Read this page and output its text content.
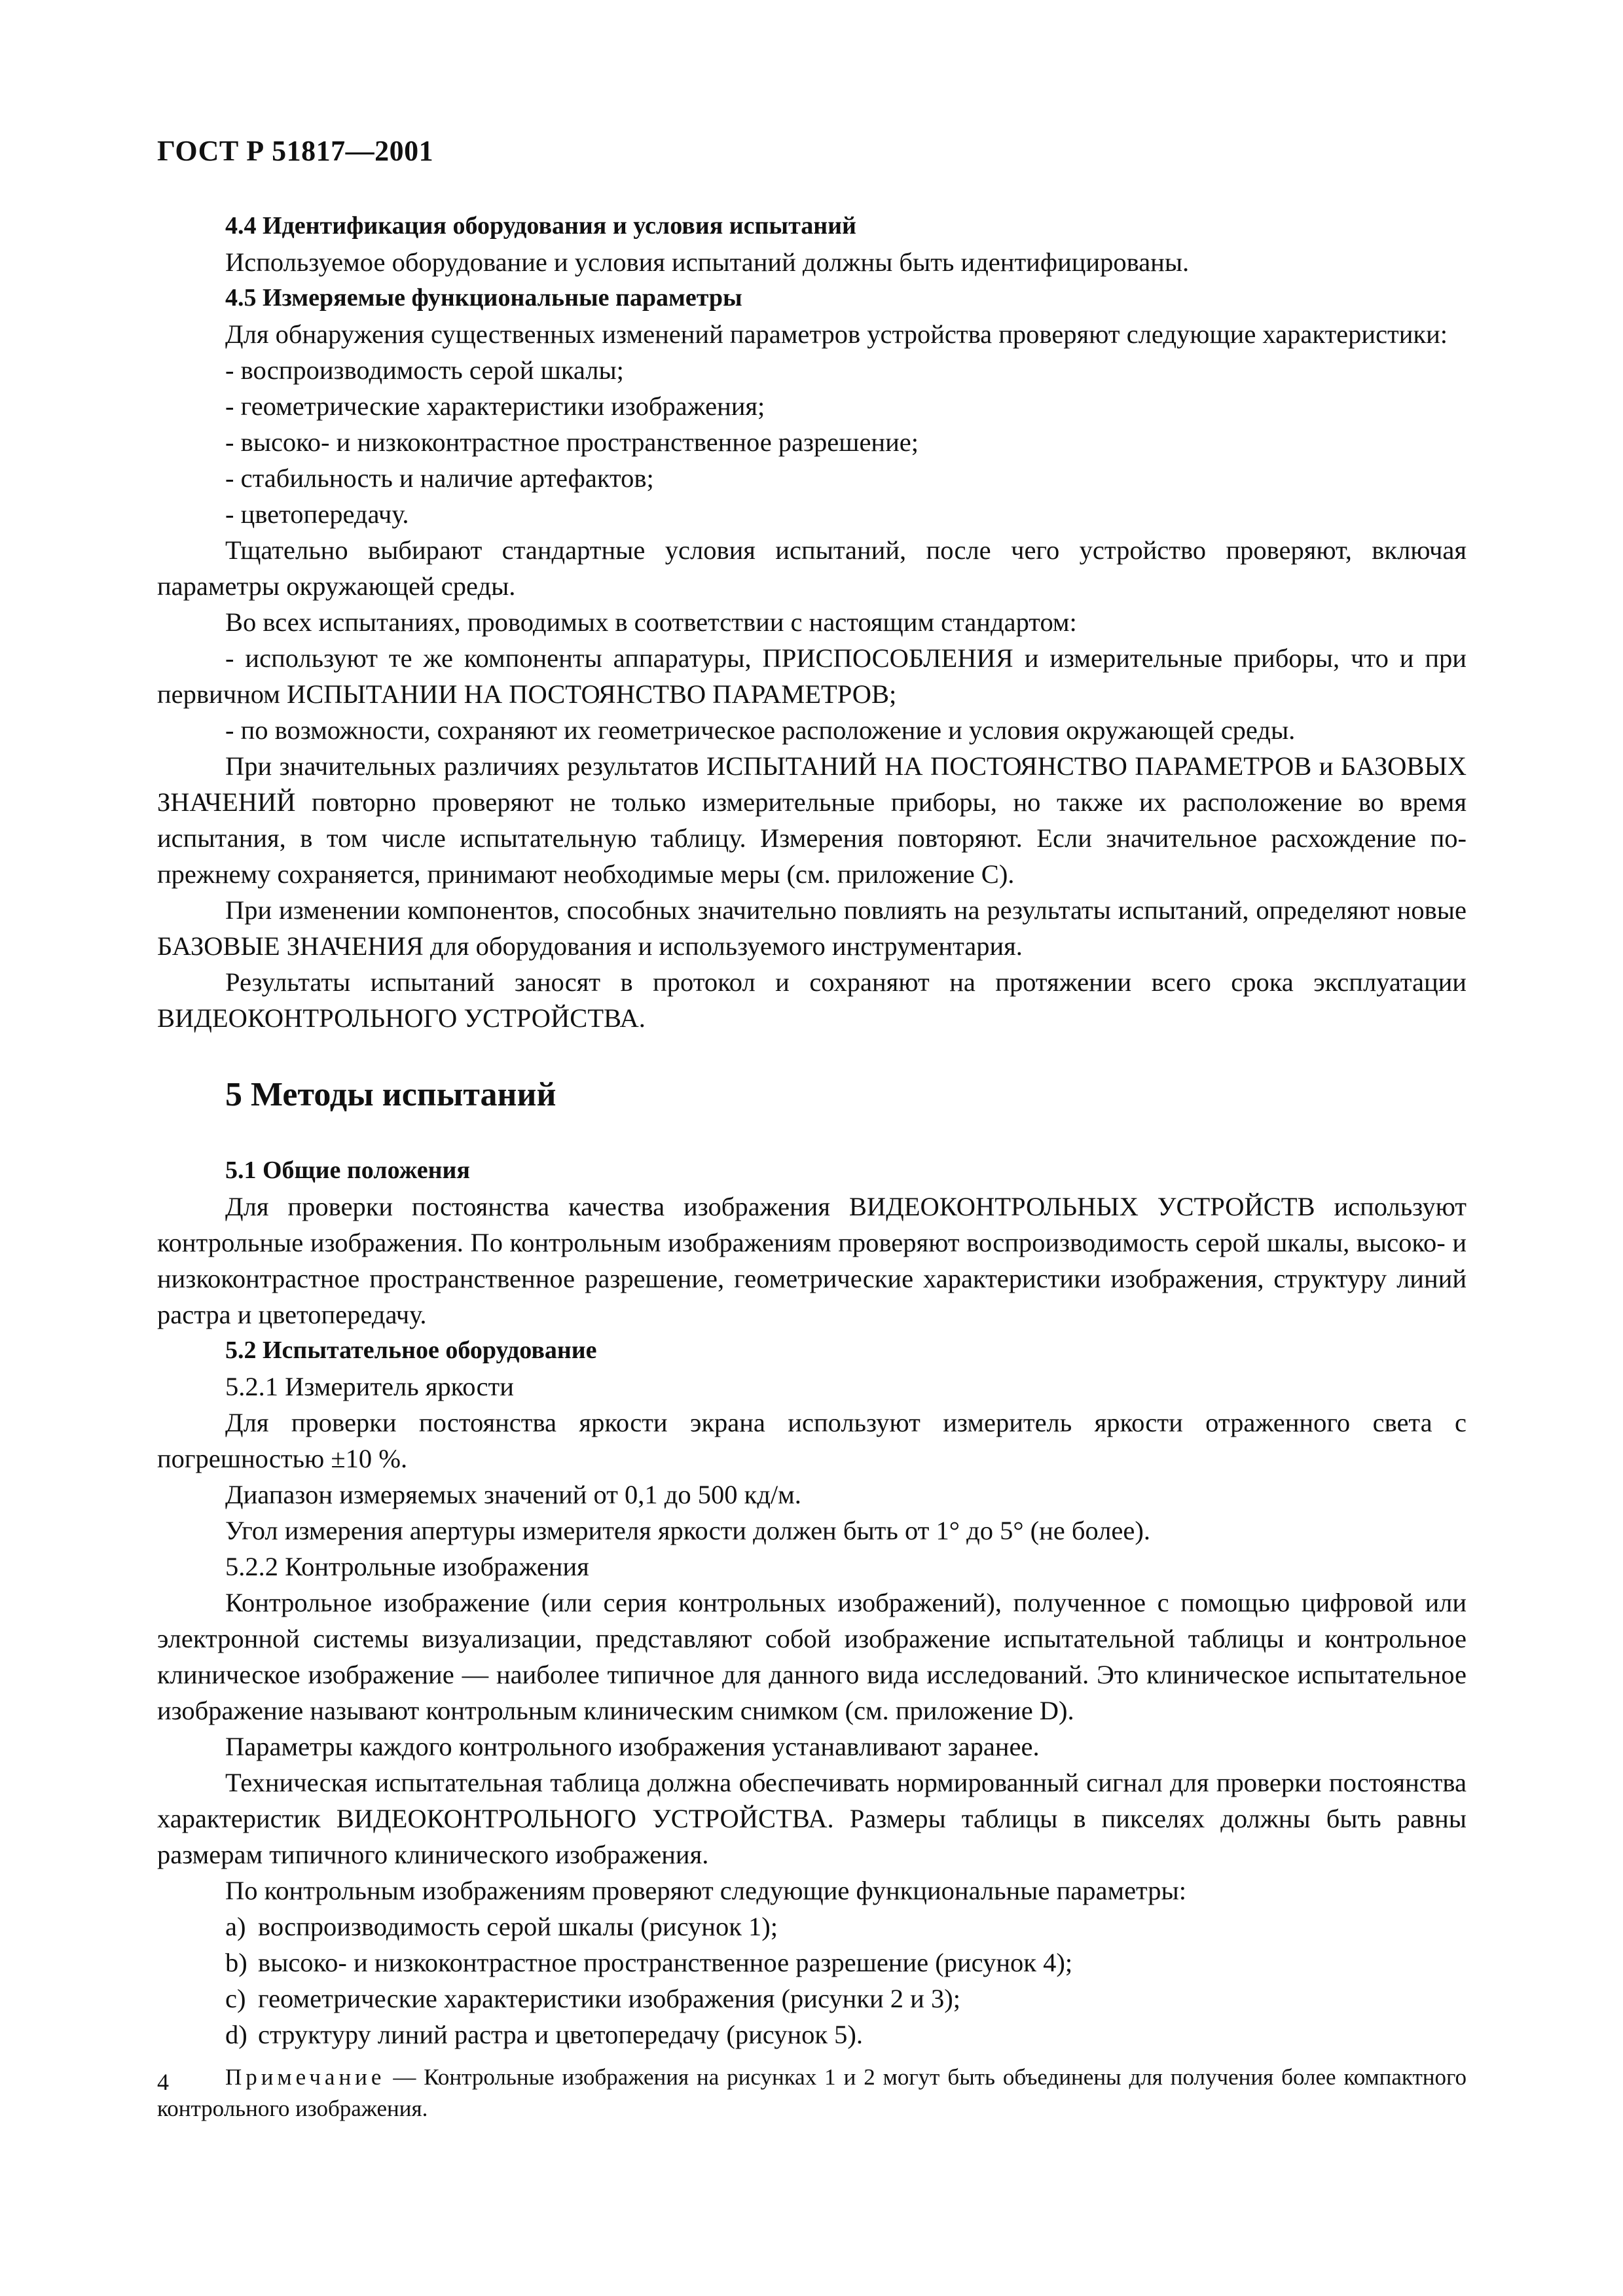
ГОСТ Р 51817—2001

4.4 Идентификация оборудования и условия испытаний

Используемое оборудование и условия испытаний должны быть идентифицированы.

4.5 Измеряемые функциональные параметры

Для обнаружения существенных изменений параметров устройства проверяют следующие характеристики:

- воспроизводимость серой шкалы;

- геометрические характеристики изображения;

- высоко- и низкоконтрастное пространственное разрешение;

- стабильность и наличие артефактов;

- цветопередачу.

Тщательно выбирают стандартные условия испытаний, после чего устройство проверяют, включая параметры окружающей среды.

Во всех испытаниях, проводимых в соответствии с настоящим стандартом:

- используют те же компоненты аппаратуры, ПРИСПОСОБЛЕНИЯ и измерительные приборы, что и при первичном ИСПЫТАНИИ НА ПОСТОЯНСТВО ПАРАМЕТРОВ;

- по возможности, сохраняют их геометрическое расположение и условия окружающей среды.

При значительных различиях результатов ИСПЫТАНИЙ НА ПОСТОЯНСТВО ПАРАМЕТРОВ и БАЗОВЫХ ЗНАЧЕНИЙ повторно проверяют не только измерительные приборы, но также их расположение во время испытания, в том числе испытательную таблицу. Измерения повторяют. Если значительное расхождение по-прежнему сохраняется, принимают необходимые меры (см. приложение С).

При изменении компонентов, способных значительно повлиять на результаты испытаний, определяют новые БАЗОВЫЕ ЗНАЧЕНИЯ для оборудования и используемого инструментария.

Результаты испытаний заносят в протокол и сохраняют на протяжении всего срока эксплуатации ВИДЕОКОНТРОЛЬНОГО УСТРОЙСТВА.

5 Методы испытаний

5.1 Общие положения

Для проверки постоянства качества изображения ВИДЕОКОНТРОЛЬНЫХ УСТРОЙСТВ используют контрольные изображения. По контрольным изображениям проверяют воспроизводимость серой шкалы, высоко- и низкоконтрастное пространственное разрешение, геометрические характеристики изображения, структуру линий растра и цветопередачу.

5.2 Испытательное оборудование

5.2.1 Измеритель яркости

Для проверки постоянства яркости экрана используют измеритель яркости отраженного света с погрешностью ±10 %.

Диапазон измеряемых значений от 0,1 до 500 кд/м.

Угол измерения апертуры измерителя яркости должен быть от 1° до 5° (не более).

5.2.2 Контрольные изображения

Контрольное изображение (или серия контрольных изображений), полученное с помощью цифровой или электронной системы визуализации, представляют собой изображение испытательной таблицы и контрольное клиническое изображение — наиболее типичное для данного вида исследований. Это клиническое испытательное изображение называют контрольным клиническим снимком (см. приложение D).

Параметры каждого контрольного изображения устанавливают заранее.

Техническая испытательная таблица должна обеспечивать нормированный сигнал для проверки постоянства характеристик ВИДЕОКОНТРОЛЬНОГО УСТРОЙСТВА. Размеры таблицы в пикселях должны быть равны размерам типичного клинического изображения.

По контрольным изображениям проверяют следующие функциональные параметры:

a) воспроизводимость серой шкалы (рисунок 1);

b) высоко- и низкоконтрастное пространственное разрешение (рисунок 4);

c) геометрические характеристики изображения (рисунки 2 и 3);

d) структуру линий растра и цветопередачу (рисунок 5).

Примечание — Контрольные изображения на рисунках 1 и 2 могут быть объединены для получения более компактного контрольного изображения.

4
